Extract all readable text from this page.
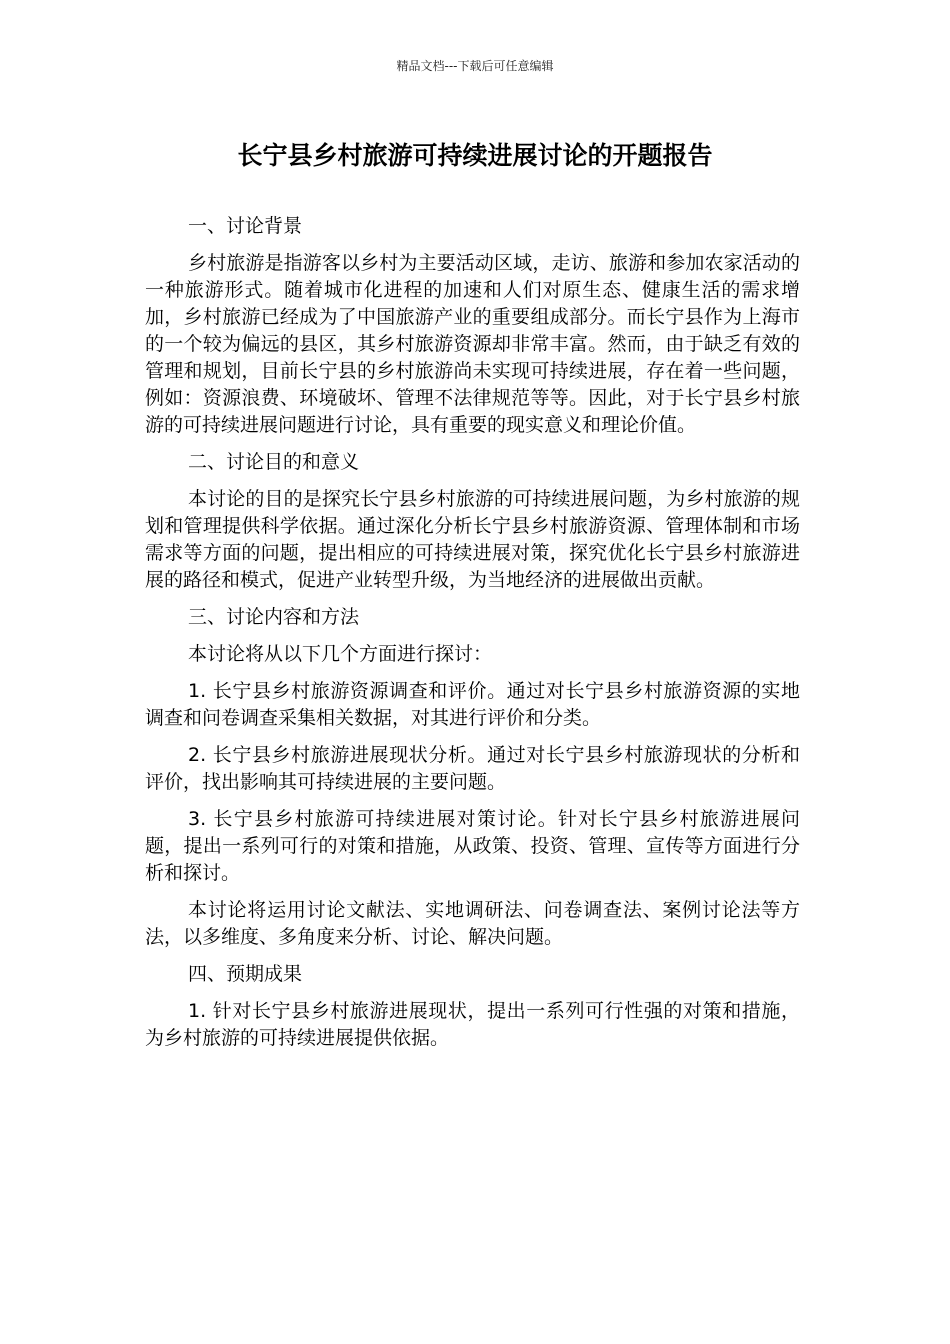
精品文档---下载后可任意编辑
长宁县乡村旅游可持续进展讨论的开题报告

一、讨论背景

乡村旅游是指游客以乡村为主要活动区域，走访、旅游和参加农家活动的一种旅游形式。随着城市化进程的加速和人们对原生态、健康生活的需求增加，乡村旅游已经成为了中国旅游产业的重要组成部分。而长宁县作为上海市的一个较为偏远的县区，其乡村旅游资源却非常丰富。然而，由于缺乏有效的管理和规划，目前长宁县的乡村旅游尚未实现可持续进展，存在着一些问题，例如：资源浪费、环境破坏、管理不法律规范等等。因此，对于长宁县乡村旅游的可持续进展问题进行讨论，具有重要的现实意义和理论价值。

二、讨论目的和意义

本讨论的目的是探究长宁县乡村旅游的可持续进展问题，为乡村旅游的规划和管理提供科学依据。通过深化分析长宁县乡村旅游资源、管理体制和市场需求等方面的问题，提出相应的可持续进展对策，探究优化长宁县乡村旅游进展的路径和模式，促进产业转型升级，为当地经济的进展做出贡献。

三、讨论内容和方法

本讨论将从以下几个方面进行探讨：

1. 长宁县乡村旅游资源调查和评价。通过对长宁县乡村旅游资源的实地调查和问卷调查采集相关数据，对其进行评价和分类。

2. 长宁县乡村旅游进展现状分析。通过对长宁县乡村旅游现状的分析和评价，找出影响其可持续进展的主要问题。

3. 长宁县乡村旅游可持续进展对策讨论。针对长宁县乡村旅游进展问题，提出一系列可行的对策和措施，从政策、投资、管理、宣传等方面进行分析和探讨。

本讨论将运用讨论文献法、实地调研法、问卷调查法、案例讨论法等方法，以多维度、多角度来分析、讨论、解决问题。

四、预期成果

1. 针对长宁县乡村旅游进展现状，提出一系列可行性强的对策和措施，为乡村旅游的可持续进展提供依据。
